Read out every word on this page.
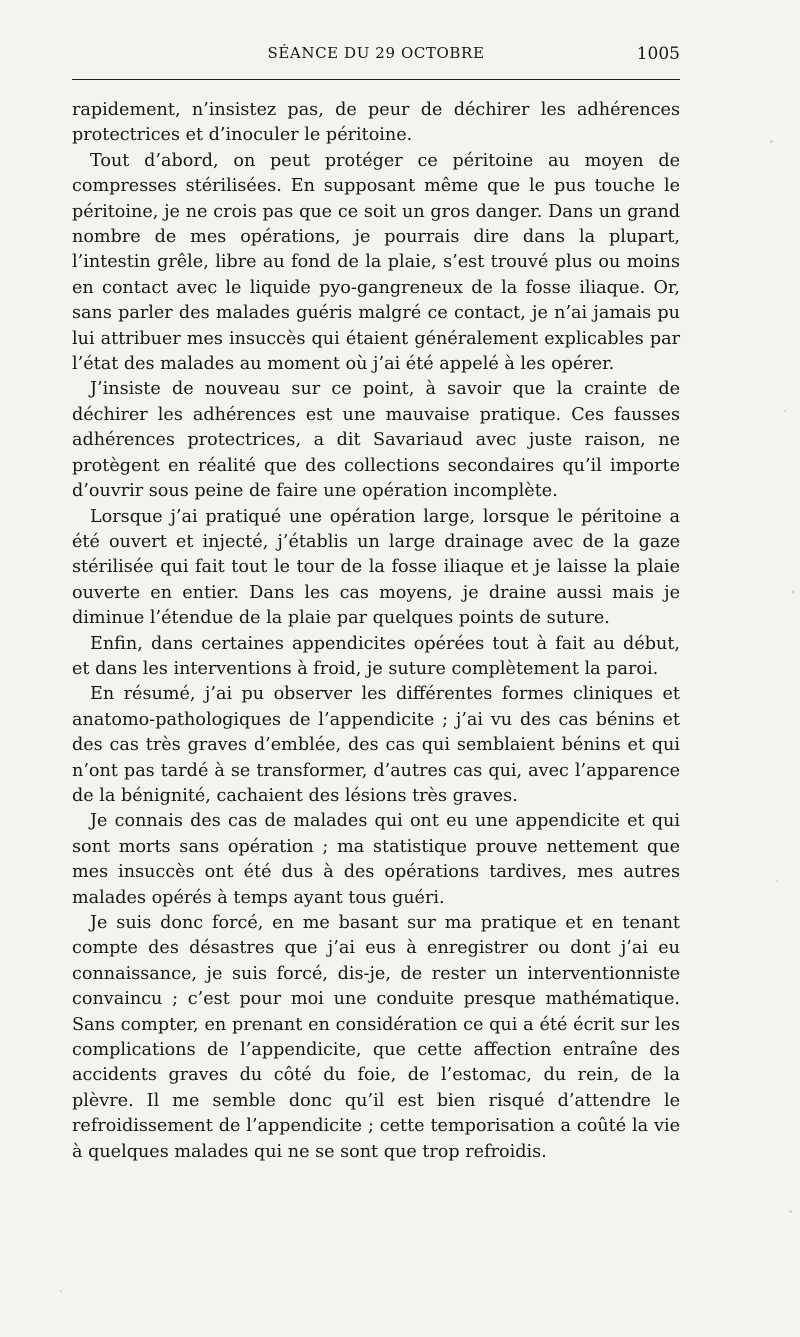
SÉANCE DU 29 OCTOBRE	1005

rapidement, n’insistez pas, de peur de déchirer les adhérences protectrices et d’inoculer le péritoine.

Tout d’abord, on peut protéger ce péritoine au moyen de compresses stérilisées. En supposant même que le pus touche le péritoine, je ne crois pas que ce soit un gros danger. Dans un grand nombre de mes opérations, je pourrais dire dans la plupart, l’intestin grêle, libre au fond de la plaie, s’est trouvé plus ou moins en contact avec le liquide pyo-gangreneux de la fosse iliaque. Or, sans parler des malades guéris malgré ce contact, je n’ai jamais pu lui attribuer mes insuccès qui étaient généralement explicables par l’état des malades au moment où j’ai été appelé à les opérer.

J’insiste de nouveau sur ce point, à savoir que la crainte de déchirer les adhérences est une mauvaise pratique. Ces fausses adhérences protectrices, a dit Savariaud avec juste raison, ne protègent en réalité que des collections secondaires qu’il importe d’ouvrir sous peine de faire une opération incomplète.

Lorsque j’ai pratiqué une opération large, lorsque le péritoine a été ouvert et injecté, j’établis un large drainage avec de la gaze stérilisée qui fait tout le tour de la fosse iliaque et je laisse la plaie ouverte en entier. Dans les cas moyens, je draine aussi mais je diminue l’étendue de la plaie par quelques points de suture.

Enfin, dans certaines appendicites opérées tout à fait au début, et dans les interventions à froid, je suture complètement la paroi.

En résumé, j’ai pu observer les différentes formes cliniques et anatomo-pathologiques de l’appendicite ; j’ai vu des cas bénins et des cas très graves d’emblée, des cas qui semblaient bénins et qui n’ont pas tardé à se transformer, d’autres cas qui, avec l’apparence de la bénignité, cachaient des lésions très graves.

Je connais des cas de malades qui ont eu une appendicite et qui sont morts sans opération ; ma statistique prouve nettement que mes insuccès ont été dus à des opérations tardives, mes autres malades opérés à temps ayant tous guéri.

Je suis donc forcé, en me basant sur ma pratique et en tenant compte des désastres que j’ai eus à enregistrer ou dont j’ai eu connaissance, je suis forcé, dis-je, de rester un interventionniste convaincu ; c’est pour moi une conduite presque mathématique. Sans compter, en prenant en considération ce qui a été écrit sur les complications de l’appendicite, que cette affection entraîne des accidents graves du côté du foie, de l’estomac, du rein, de la plèvre. Il me semble donc qu’il est bien risqué d’attendre le refroidissement de l’appendicite ; cette temporisation a coûté la vie à quelques malades qui ne se sont que trop refroidis.
